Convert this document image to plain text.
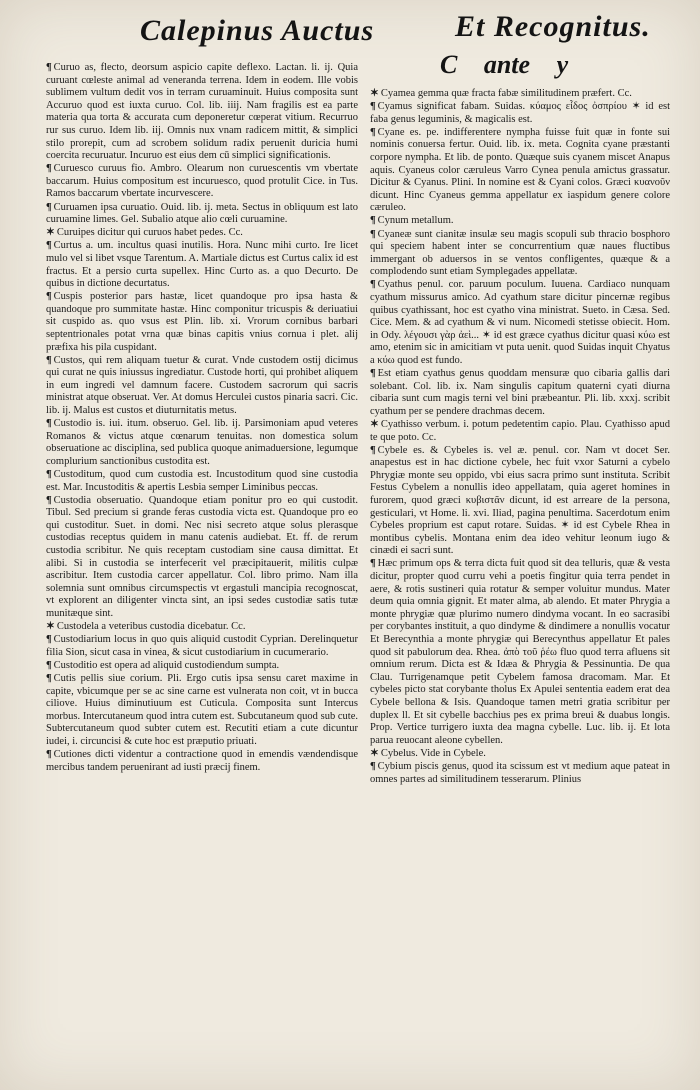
Calepinus Auctus	Et Recognitus.
C ante y

¶ Curuo as, flecto, deorsum aspicio capite deflexo. Lactan. li. ij. Quia curuant cœleste animal ad veneranda terrena. Idem in eodem. Ille vobis sublimem vultum dedit vos in terram curuaminuit. Huius composita sunt Accuruo quod est iuxta curuo. Col. lib. iiij. Nam fragilis est ea parte materia qua torta & accurata cum deponeretur cœperat vitium. Recurruo rur sus curuo. Idem lib. iij. Omnis nux vnam radicem mittit, & simplici stilo prorepit, cum ad scrobem solidum radix peruenit duricia humi coercita recuruatur. Incuruo est eius dem cū simplici significationis.

¶ Curuesco curuus fio. Ambro. Olearum non curuescentis vm vbertate baccarum. Huius compositum est incuruesco, quod protulit Cice. in Tus. Ramos baccarum vbertate incurvescere.

¶ Curuamen ipsa curuatio. Ouid. lib. ij. meta. Sectus in obliquum est lato curuamine limes. Gel. Subalio atque alio cœli curuamine.

✶ Curuipes dicitur qui curuos habet pedes. Cc.

¶ Curtus a. um. incultus quasi inutilis. Hora. Nunc mihi curto. Ire licet mulo vel si libet vsque Tarentum. A. Martiale dictus est Curtus calix id est fractus. Et a persio curta supellex. Hinc Curto as. a quo Decurto. De quibus in dictione decurtatus.

¶ Cuspis posterior pars hastæ, licet quandoque pro ipsa hasta & quandoque pro summitate hastæ. Hinc componitur tricuspis & deriuatiui sit cuspido as. quo vsus est Plin. lib. xi. Vrorum cornibus barbari septentrionales potat vrna quæ binas capitis vnius cornua i plet. alij præfixa his pila cuspidant.

¶ Custos, qui rem aliquam tuetur & curat. Vnde custodem ostij dicimus qui curat ne quis iniussus ingrediatur. Custode horti, qui prohibet aliquem in eum ingredi vel damnum facere. Custodem sacrorum qui sacris ministrat atque obseruat. Ver. At domus Herculei custos pinaria sacri. Cic. lib. ij. Malus est custos et diuturnitatis metus.

¶ Custodio is. iui. itum. obseruo. Gel. lib. ij. Parsimoniam apud veteres Romanos & victus atque cœnarum tenuitas. non domestica solum obseruatione ac disciplina, sed publica quoque animaduersione, legumque complurium sanctionibus custodita est.

¶ Custoditum, quod cum custodia est. Incustoditum quod sine custodia est. Mar. Incustoditis & apertis Lesbia semper Liminibus peccas.

¶ Custodia obseruatio. Quandoque etiam ponitur pro eo qui custodit. Tibul. Sed precium si grande feras custodia victa est. Quandoque pro eo qui custoditur. Suet. in domi. Nec nisi secreto atque solus plerasque custodias receptus quidem in manu catenis audiebat. Et. ff. de rerum custodia scribitur. Ne quis receptam custodiam sine causa dimittat. Et alibi. Si in custodia se interfecerit vel præcipitauerit, militis culpæ ascribitur. Item custodia carcer appellatur. Col. libro primo. Nam illa solemnia sunt omnibus circumspectis vt ergastuli mancipia recognoscat, vt explorent an diligenter vincta sint, an ipsi sedes custodiæ satis tutæ munitæque sint.

✶ Custodela a veteribus custodia dicebatur. Cc.

¶ Custodiarium locus in quo quis aliquid custodit Cyprian. Derelinquetur filia Sion, sicut casa in vinea, & sicut custodiarium in cucumerario.

¶ Custoditio est opera ad aliquid custodiendum sumpta.

¶ Cutis pellis siue corium. Pli. Ergo cutis ipsa sensu caret maxime in capite, vbicumque per se ac sine carne est vulnerata non coit, vt in bucca ciliove. Huius diminutiuum est Cuticula. Composita sunt Intercus morbus. Intercutaneum quod intra cutem est. Subcutaneum quod sub cute. Subtercutaneum quod subter cutem est. Recutiti etiam a cute dicuntur iudei, i. circuncisi & cute hoc est præputio priuati.

¶ Cutiones dicti videntur a contractione quod in emendis vændendisque mercibus tandem peruenirant ad iusti præcij finem.

✶ Cyamea gemma quæ fracta fabæ similitudinem præfert. Cc.

¶ Cyamus significat fabam. Suidas. κύαμος εἶδος ὀσπρίου ✶ id est faba genus leguminis, & magicalis est.

¶ Cyane es. pe. indifferentere nympha fuisse fuit quæ in fonte sui nominis conuersa fertur. Ouid. lib. ix. meta. Cognita cyane præstanti corpore nympha. Et lib. de ponto. Quæque suis cyanem miscet Anapus aquis. Cyaneus color cæruleus Varro Cynea penula amictus grassatur. Dicitur & Cyanus. Plini. In nomine est & Cyani colos. Græci κυανοῦν dicunt. Hinc Cyaneus gemma appellatur ex iaspidum genere colore cæruleo.

¶ Cynum metallum.

¶ Cyaneæ sunt cianitæ insulæ seu magis scopuli sub thracio bosphoro qui speciem habent inter se concurrentium quæ naues fluctibus immergant ob aduersos in se ventos confligentes, quæque & a complodendo sunt etiam Symplegades appellatæ.

¶ Cyathus penul. cor. paruum poculum. Iuuena. Cardiaco nunquam cyathum missurus amico. Ad cyathum stare dicitur pincernæ regibus quibus cyathissant, hoc est cyatho vina ministrat. Sueto. in Cæsa. Sed. Cice. Mem. & ad cyathum & vi num. Nicomedi stetisse obiecit. Hom. in Ody. λέγουσι γὰρ ἀεὶ... ✶ id est græce cyathus dicitur quasi κύω est amo, etenim sic in amicitiam vt puta uenit. quod Suidas inquit Chyatus a κύω quod est fundo.

¶ Est etiam cyathus genus quoddam mensuræ quo cibaria gallis dari solebant. Col. lib. ix. Nam singulis capitum quaterni cyati diurna cibaria sunt cum magis terni vel bini præbeantur. Pli. lib. xxxj. scribit cyathum per se pendere drachmas decem.

✶ Cyathisso verbum. i. potum pedetentim capio. Plau. Cyathisso apud te que poto. Cc.

¶ Cybele es. & Cybeles is. vel æ. penul. cor. Nam vt docet Ser. anapestus est in hac dictione cybele, hec fuit vxor Saturni a cybelo Phrygiæ monte seu oppido, vbi eius sacra primo sunt instituta. Scribit Festus Cybelem a nonullis ideo appellatam, quia ageret homines in furorem, quod græci κυβιστᾶν dicunt, id est arreare de la persona, gesticulari, vt Home. li. xvi. Iliad, pagina penultima. Sacerdotum enim Cybeles proprium est caput rotare. Suidas. ✶ id est Cybele Rhea in montibus cybelis. Montana enim dea ideo vehitur leonum iugo & cinædi ei sacri sunt.

¶ Hæc primum ops & terra dicta fuit quod sit dea telluris, quæ & vesta dicitur, propter quod curru vehi a poetis fingitur quia terra pendet in aere, & rotis sustineri quia rotatur & semper voluitur mundus. Mater deum quia omnia gignit. Et mater alma, ab alendo. Et mater Phrygia a monte phrygiæ quæ plurimo numero dindyma vocant. In eo sacrasibi per corybantes instituit, a quo dindyme & dindimere a nonullis vocatur Et Berecynthia a monte phrygiæ qui Berecynthus appellatur Et pales quod sit pabulorum dea. Rhea. ἀπὸ τοῦ ῥέω fluo quod terra afluens sit omnium rerum. Dicta est & Idæa & Phrygia & Pessinuntia. De qua Clau. Turrigenamque petit Cybelem famosa dracomam. Mar. Et cybeles picto stat corybante tholus Ex Apulei sententia eadem erat dea Cybele bellona & Isis. Quandoque tamen metri gratia scribitur per duplex ll. Et sit cybelle bacchius pes ex prima breui & duabus longis. Prop. Vertice turrigero iuxta dea magna cybelle. Luc. lib. ij. Et lota parua reuocant aleone cybellen.

✶ Cybelus. Vide in Cybele.

¶ Cybium piscis genus, quod ita scissum est vt medium aque pateat in omnes partes ad similitudinem tesserarum. Plinius
